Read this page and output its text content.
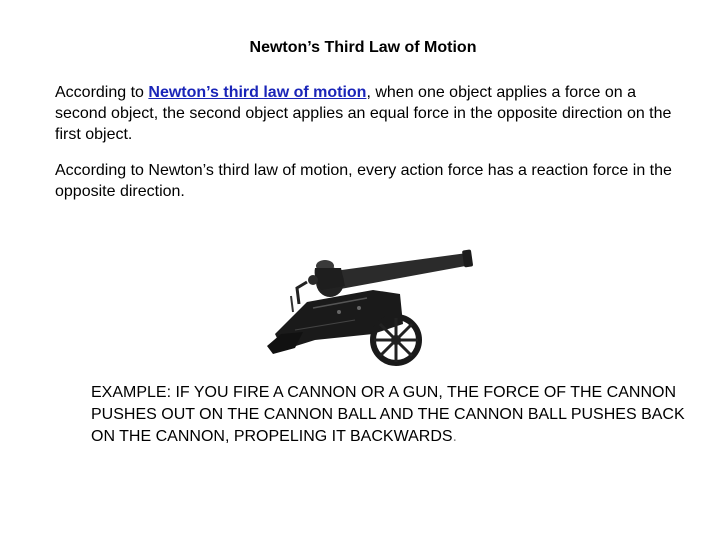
Newton’s Third Law of Motion
According to Newton’s third law of motion, when one object applies a force on a second object, the second object applies an equal force in the opposite direction on the first object.
According to Newton’s third law of motion, every action force has a reaction force in the opposite direction.
EXAMPLE: IF YOU FIRE A CANNON OR A GUN, THE FORCE OF THE CANNON PUSHES OUT ON THE CANNON BALL AND THE CANNON BALL PUSHES BACK ON THE CANNON, PROPELING IT BACKWARDS.
